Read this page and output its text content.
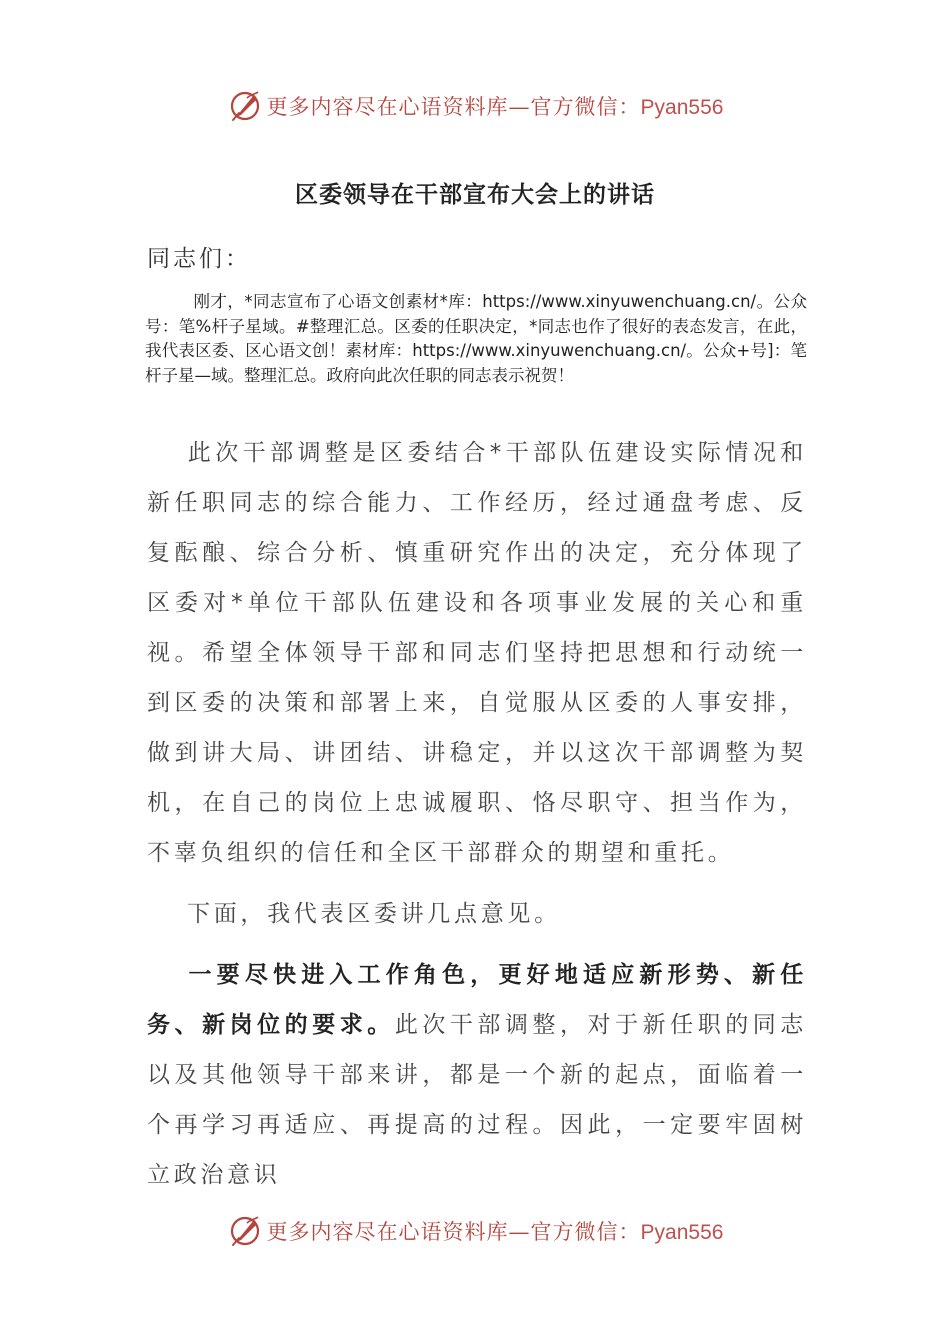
更多内容尽在心语资料库—官方微信：Pyan556
区委领导在干部宣布大会上的讲话
同志们：
刚才，*同志宣布了心语文创素材*库：https://www.xinyuwenchuang.cn/。公众号：笔%杆子星域。#整理汇总。区委的任职决定，*同志也作了很好的表态发言，在此，我代表区委、区心语文创！素材库：https://www.xinyuwenchuang.cn/。公众+号]：笔杆子星—域。整理汇总。政府向此次任职的同志表示祝贺！
此次干部调整是区委结合*干部队伍建设实际情况和新任职同志的综合能力、工作经历，经过通盘考虑、反复酝酿、综合分析、慎重研究作出的决定，充分体现了区委对*单位干部队伍建设和各项事业发展的关心和重视。希望全体领导干部和同志们坚持把思想和行动统一到区委的决策和部署上来，自觉服从区委的人事安排，做到讲大局、讲团结、讲稳定，并以这次干部调整为契机，在自己的岗位上忠诚履职、恪尽职守、担当作为，不辜负组织的信任和全区干部群众的期望和重托。
下面，我代表区委讲几点意见。
一要尽快进入工作角色，更好地适应新形势、新任务、新岗位的要求。此次干部调整，对于新任职的同志以及其他领导干部来讲，都是一个新的起点，面临着一个再学习再适应、再提高的过程。因此，一定要牢固树立政治意识
更多内容尽在心语资料库—官方微信：Pyan556
